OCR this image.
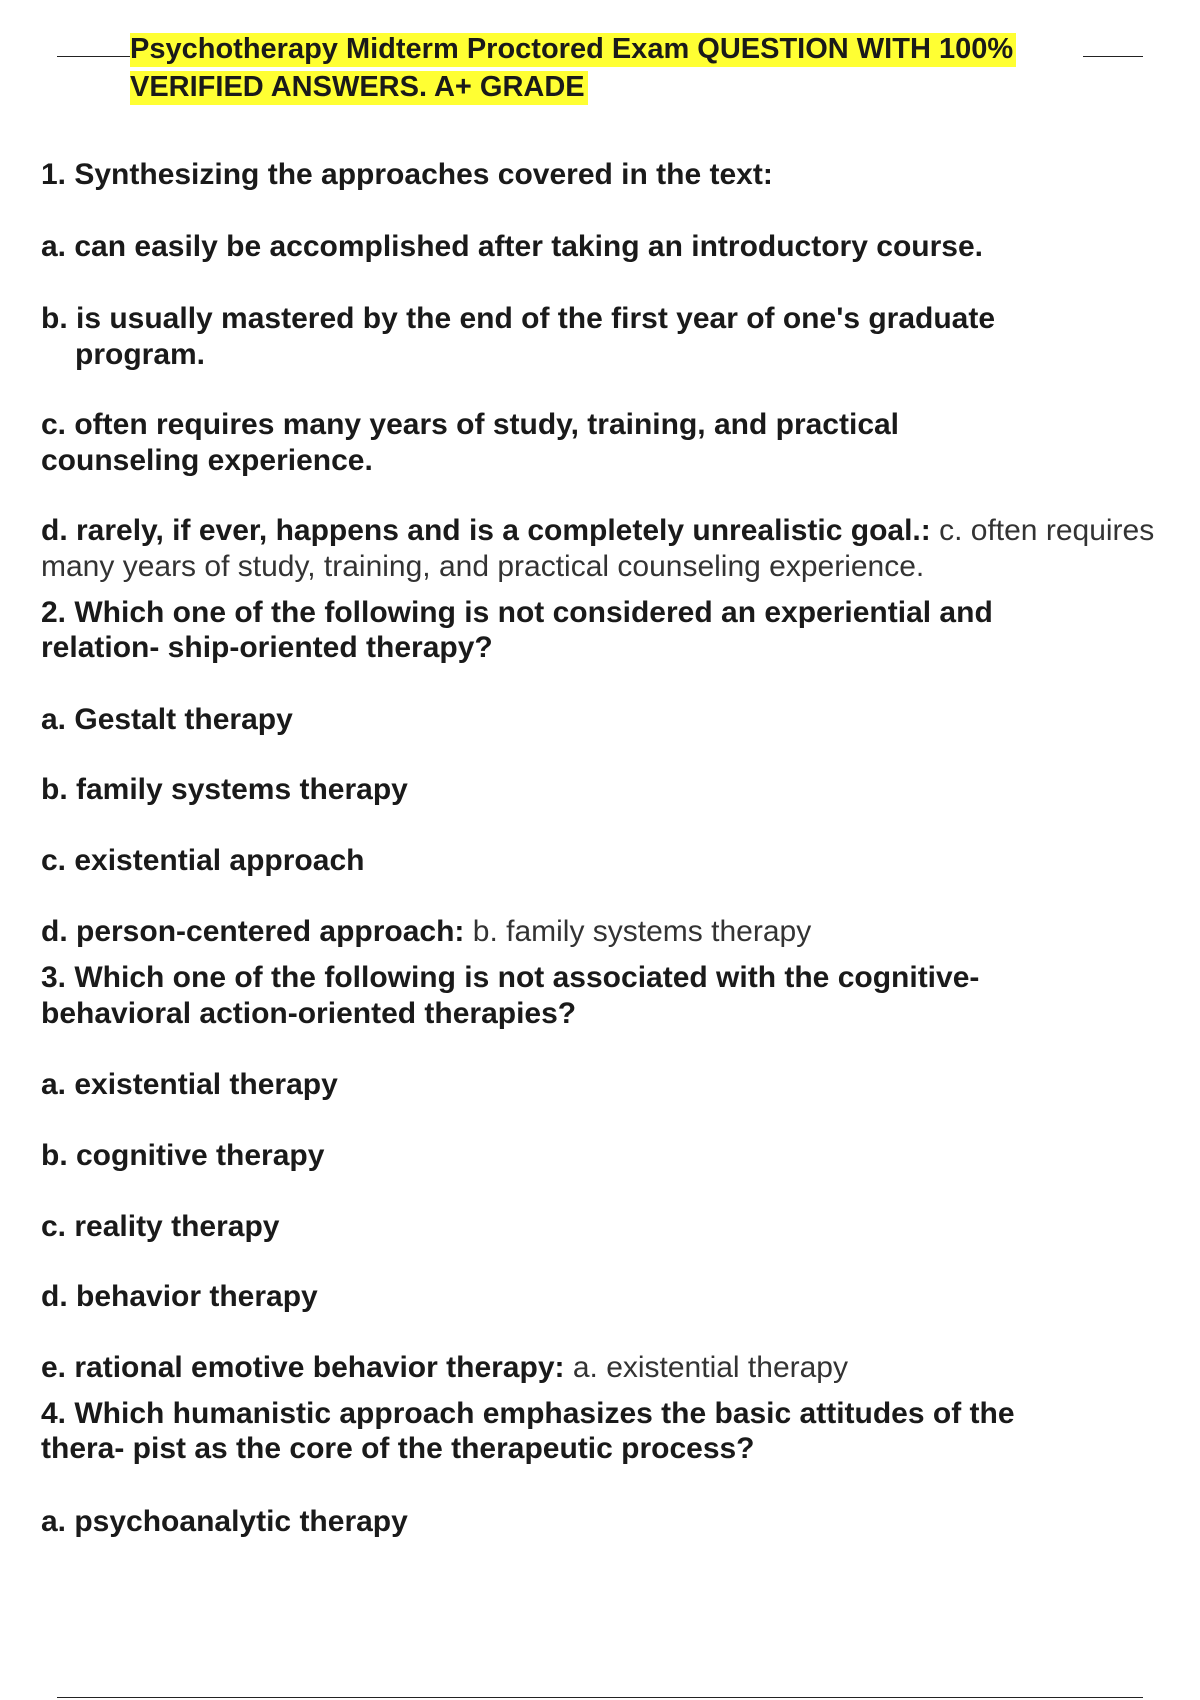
Psychotherapy Midterm Proctored Exam QUESTION WITH 100%
VERIFIED ANSWERS. A+ GRADE
1. Synthesizing the approaches covered in the text:
a. can easily be accomplished after taking an introductory course.
b. is usually mastered by the end of the first year of one's graduate
program.
c. often requires many years of study, training, and practical
counseling experience.
d. rarely, if ever, happens and is a completely unrealistic goal.: c. often requires
many years of study, training, and practical counseling experience.
2. Which one of the following is not considered an experiential and
relation- ship-oriented therapy?
a. Gestalt therapy
b. family systems therapy
c. existential approach
d. person-centered approach: b. family systems therapy
3. Which one of the following is not associated with the cognitive-
behavioral action-oriented therapies?
a. existential therapy
b. cognitive therapy
c. reality therapy
d. behavior therapy
e. rational emotive behavior therapy: a. existential therapy
4. Which humanistic approach emphasizes the basic attitudes of the
thera- pist as the core of the therapeutic process?
a. psychoanalytic therapy
